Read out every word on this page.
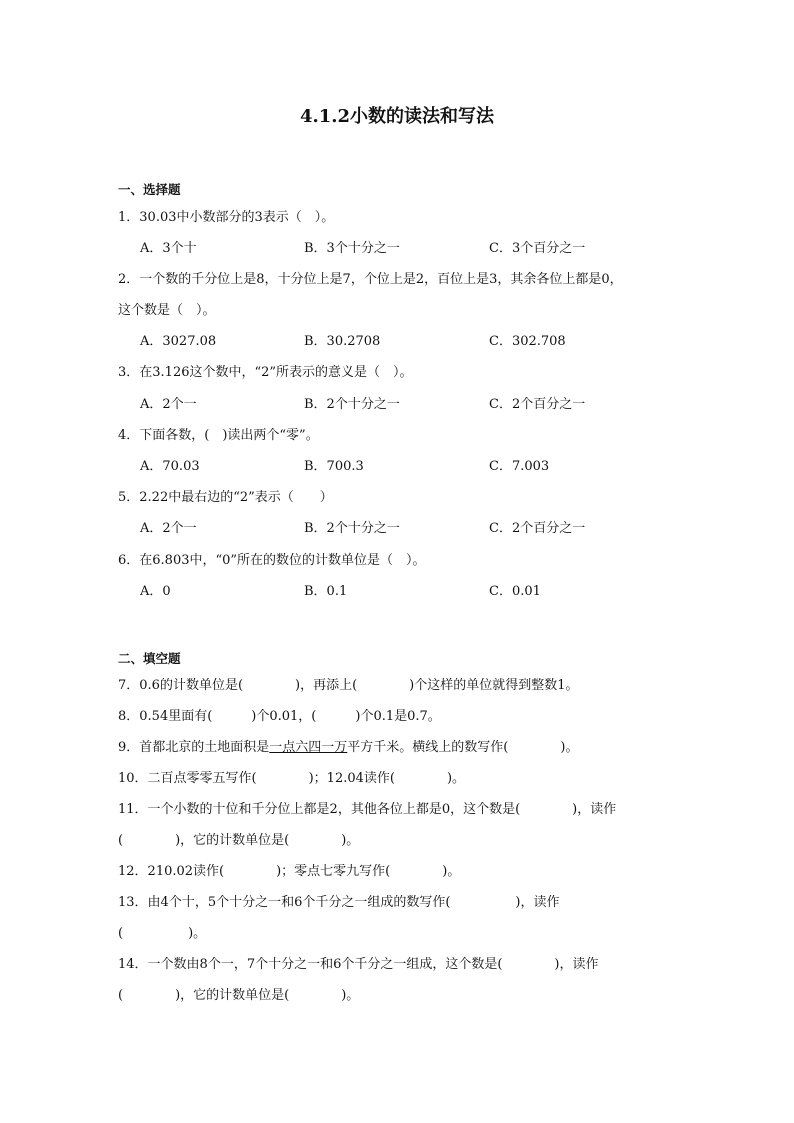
4.1.2小数的读法和写法
一、选择题
1．30.03中小数部分的3表示（　）。
A．3个十	B．3个十分之一	C．3个百分之一
2．一个数的千分位上是8，十分位上是7，个位上是2，百位上是3，其余各位上都是0，
这个数是（　）。
A．3027.08	B．30.2708	C．302.708
3．在3.126这个数中，“2”所表示的意义是（　）。
A．2个一	B．2个十分之一	C．2个百分之一
4．下面各数，(　)读出两个“零”。
A．70.03	B．700.3	C．7.003
5．2.22中最右边的“2”表示（　　）
A．2个一	B．2个十分之一	C．2个百分之一
6．在6.803中，“0”所在的数位的计数单位是（　）。
A．0	B．0.1	C．0.01
二、填空题
7．0.6的计数单位是(　　　　)，再添上(　　　　)个这样的单位就得到整数1。
8．0.54里面有(　　　)个0.01，(　　　)个0.1是0.7。
9．首都北京的土地面积是一点六四一万平方千米。横线上的数写作(　　　　)。
10．二百点零零五写作(　　　　)；12.04读作(　　　　)。
11．一个小数的十位和千分位上都是2，其他各位上都是0，这个数是(　　　　)，读作
(　　　　)，它的计数单位是(　　　　)。
12．210.02读作(　　　　)；零点七零九写作(　　　　)。
13．由4个十，5个十分之一和6个千分之一组成的数写作(　　　　　)，读作
(　　　　　)。
14．一个数由8个一，7个十分之一和6个千分之一组成，这个数是(　　　　)，读作
(　　　　)，它的计数单位是(　　　　)。
